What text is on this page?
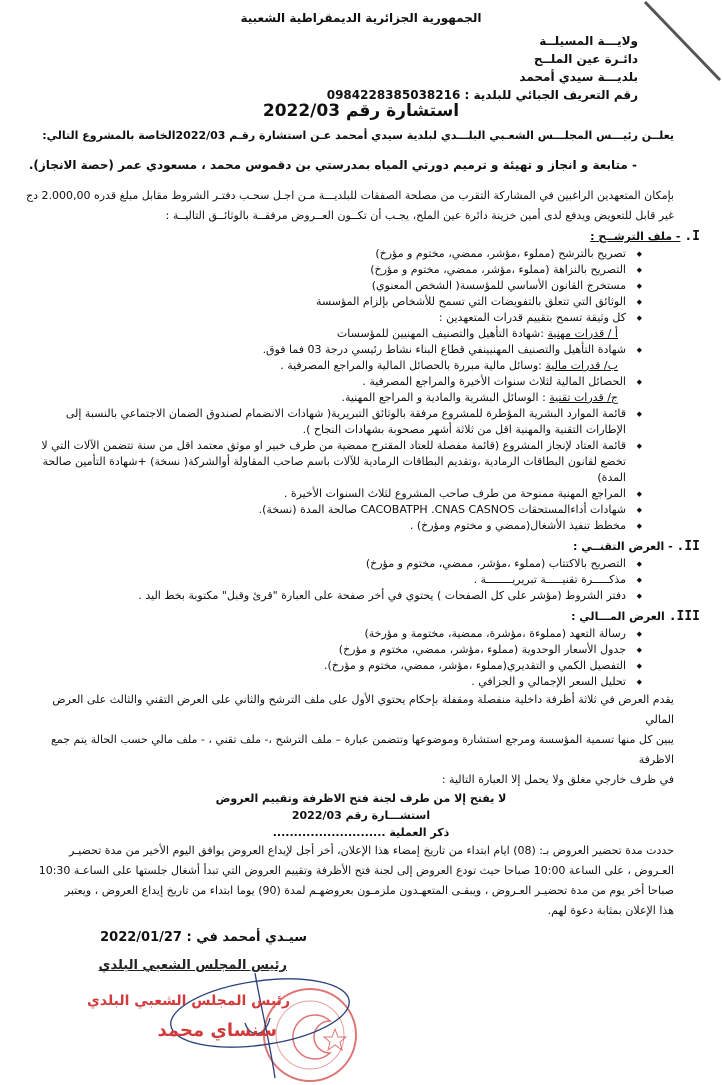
الجمهورية الجزائرية الديمقراطية الشعبية
ولايـــة المسيلــة
دائـرة عين الملــح
بلديـــة سيدي أمحمد
رقم التعريف الجبائي للبلدية : 0984228385038216
استشارة رقم 2022/03
يعلــن رئيـــس المجلـــس الشعـبي البلـــدي لبلدية سيدي أمحمد عـن استشارة رقـم 2022/03الخاصة بالمشروع التالي:
- متابعة و انجاز و تهيئة و ترميم دورتي المياه بمدرستي بن دقموس محمد ، مسعودي عمر (حصة الانجاز).
بإمكان المتعهدين الراغبين في المشاركة التقرب من مصلحة الصفقات للبلديـــة مـن اجـل سحـب دفتـر الشروط مقابل مبلغ قدره 2.000,00 دج
غير قابل للتعويض ويدفع لدى أمين خزينة دائرة عين الملح، يجـب أن تكــون العــروض مرفقــة بالوثائــق التاليــة :
I. - ملف الترشــح :
◆ تصريح بالترشح (مملوء ،مؤشر، ممضي، مختوم و مؤرخ)
◆ التصريح بالنزاهة (مملوء ،مؤشر، ممضي، مختوم و مؤرخ)
◆ مستخرج القانون الأساسي للمؤسسة( الشخص المعنوي)
◆ الوثائق التي تتعلق بالتفويضات التي تسمح للأشخاص بإلزام المؤسسة
◆ كل وثيقة تسمح بتقييم قدرات المتعهدين :
أ / قدرات مهنية :شهادة التأهيل والتصنيف المهنيين للمؤسسات
◆ شهادة التأهيل والتصنيف المهنيينفي قطاع البناء نشاط رئيسي درجة 03 فما فوق.
ب/ قدرات مالية :وسائل مالية مبررة بالحصائل المالية والمراجع المصرفية .
◆ الحصائل المالية لثلاث سنوات الأخيرة والمراجع المصرفية .
ج/ قدرات تقنية : الوسائل البشرية والمادية و المراجع المهنية.
◆ قائمة الموارد البشرية المؤطرة للمشروع مرفقة بالوثائق التبريرية( شهادات الانضمام لصندوق الضمان الاجتماعي بالنسبة إلى الإطارات التقنية والمهنية اقل من ثلاثة أشهر مصحوبة بشهادات النجاح ).
◆ قائمة العتاد لإنجاز المشروع (قائمة مفصلة للعتاد المقترح ممضية من طرف خبير او موثق معتمد اقل من سنة تتضمن الآلات التي لا تخضع لقانون البطاقات الرمادية ،وتقديم البطاقات الرمادية للآلات باسم صاحب المقاولة أوالشركة( نسخة) +شهادة التأمين صالحة المدة)
◆ المراجع المهنية ممنوحة من طرف صاحب المشروع لثلاث السنوات الأخيرة .
◆ شهادات أداءالمستحقات CACOBATPH .CNAS CASNOS صالحة المدة (نسخة).
◆ مخطط تنفيذ الأشغال(ممضي و مختوم ومؤرخ) .
II. - العرض التقنــي :
◆ التصريح بالاكتتاب (مملوء ،مؤشر، ممضي، مختوم و مؤرخ)
◆ مذكـــــرة تقنيـــــة تبريريــــــــة .
◆ دفتر الشروط (مؤشر على كل الصفحات ) يحتوي في أخر صفحة على العبارة "قرئ وقبل" مكتوبة بخط اليد .
III. العرض المـــالي :
◆ رسالة التعهد (مملوءة ،مؤشرة، ممضية، مختومة و مؤرخة)
◆ جدول الأسعار الوحدوية (مملوء ،مؤشر، ممضي، مختوم و مؤرخ)
◆ التفصيل الكمي و التقديري(مملوء ،مؤشر، ممضي، مختوم و مؤرخ).
◆ تحليل السعر الإجمالي و الجزافي .
يقدم العرض في ثلاثة أظرفة داخلية منفصلة ومقفلة بإحكام يحتوي الأول على ملف الترشح والثاني على العرض التقني والثالث على العرض المالي
يبين كل منها تسمية المؤسسة ومرجع استشارة وموضوعها وتتضمن عبارة – ملف الترشح ،- ملف تقني ، - ملف مالي حسب الحالة يتم جمع الاظرفة
في ظرف خارجي مغلق ولا يحمل إلا العبارة التالية :
لا يفتح إلا من طرف لجنة فتح الاظرفة وتقييم العروض
استشـــارة رقم 2022/03
ذكر العملية ...........................
حددت مدة تحضير العروض بـ: (08) ايام ابتداء من تاريخ إمضاء هذا الإعلان، أخر أجل لإيداع العروض يوافق اليوم الأخير من مدة تحضيـر
العـروض ، على الساعة 10:00 صباحا حيث تودع العروض إلى لجنة فتح الأظرفة وتقييم العروض التي تبدأ أشغال جلستها على الساعـة 10:30
صباحا أخر يوم من مدة تحضيـر العـروض ، ويبقـى المتعهـدون ملزمـون بعروضهـم لمدة (90) يوما ابتداء من تاريخ إيداع العروض ، ويعتبر
هذا الإعلان بمثابة دعوة لهم.
سيـدي أمحمد في : 2022/01/27
رئيس المجلس الشعبي البلدي
رئيس المجلس الشعبي البلدي
سنساي محمد
